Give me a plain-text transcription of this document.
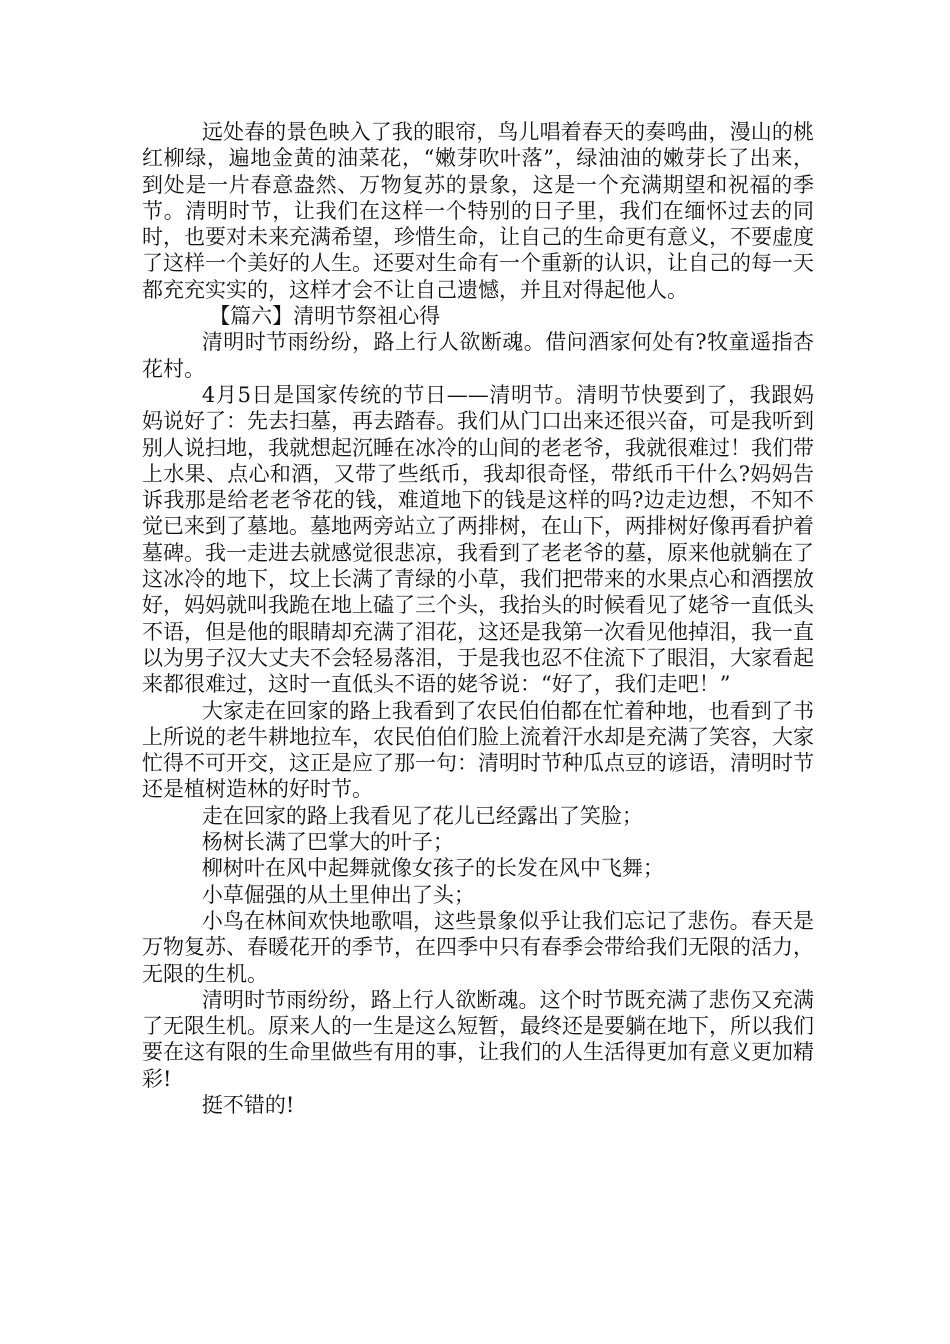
远处春的景色映入了我的眼帘，鸟儿唱着春天的奏鸣曲，漫山的桃红柳绿，遍地金黄的油菜花，“嫩芽吹叶落”，绿油油的嫩芽长了出来，到处是一片春意盎然、万物复苏的景象，这是一个充满期望和祝福的季节。清明时节，让我们在这样一个特别的日子里，我们在缅怀过去的同时，也要对未来充满希望，珍惜生命，让自己的生命更有意义，不要虚度了这样一个美好的人生。还要对生命有一个重新的认识，让自己的每一天都充充实实的，这样才会不让自己遗憾，并且对得起他人。

【篇六】清明节祭祖心得

清明时节雨纷纷，路上行人欲断魂。借问酒家何处有?牧童遥指杏花村。

4月5日是国家传统的节日——清明节。清明节快要到了，我跟妈妈说好了：先去扫墓，再去踏春。我们从门口出来还很兴奋，可是我听到别人说扫地，我就想起沉睡在冰冷的山间的老老爷，我就很难过！我们带上水果、点心和酒，又带了些纸币，我却很奇怪，带纸币干什么?妈妈告诉我那是给老老爷花的钱，难道地下的钱是这样的吗?边走边想，不知不觉已来到了墓地。墓地两旁站立了两排树，在山下，两排树好像再看护着墓碑。我一走进去就感觉很悲凉，我看到了老老爷的墓，原来他就躺在了这冰冷的地下，坟上长满了青绿的小草，我们把带来的水果点心和酒摆放好，妈妈就叫我跪在地上磕了三个头，我抬头的时候看见了姥爷一直低头不语，但是他的眼睛却充满了泪花，这还是我第一次看见他掉泪，我一直以为男子汉大丈夫不会轻易落泪，于是我也忍不住流下了眼泪，大家看起来都很难过，这时一直低头不语的姥爷说：“好了，我们走吧！”

大家走在回家的路上我看到了农民伯伯都在忙着种地，也看到了书上所说的老牛耕地拉车，农民伯伯们脸上流着汗水却是充满了笑容，大家忙得不可开交，这正是应了那一句：清明时节种瓜点豆的谚语，清明时节还是植树造林的好时节。

走在回家的路上我看见了花儿已经露出了笑脸；

杨树长满了巴掌大的叶子；

柳树叶在风中起舞就像女孩子的长发在风中飞舞；

小草倔强的从土里伸出了头；

小鸟在林间欢快地歌唱，这些景象似乎让我们忘记了悲伤。春天是万物复苏、春暖花开的季节，在四季中只有春季会带给我们无限的活力，无限的生机。

清明时节雨纷纷，路上行人欲断魂。这个时节既充满了悲伤又充满了无限生机。原来人的一生是这么短暂，最终还是要躺在地下，所以我们要在这有限的生命里做些有用的事，让我们的人生活得更加有意义更加精彩!

挺不错的!
